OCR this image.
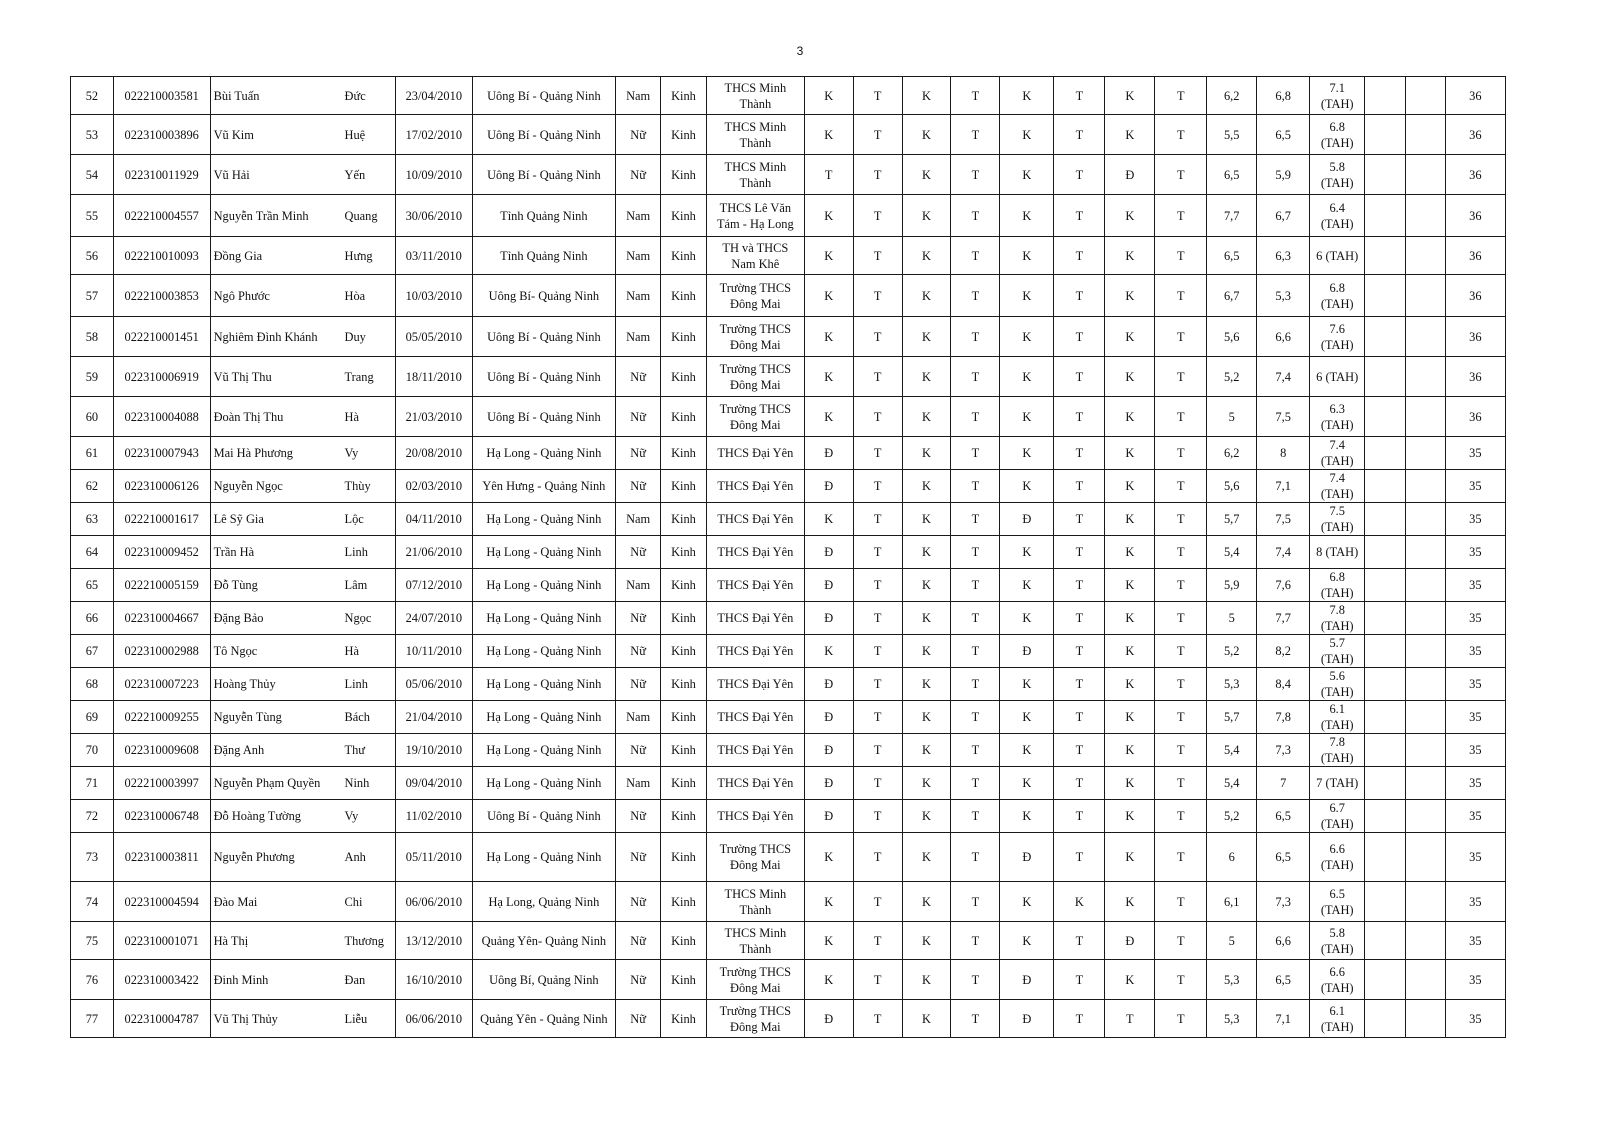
3
52	022210003581	Bùi Tuấn	Đức	23/04/2010	Uông Bí - Quảng Ninh	Nam	Kinh	THCS Minh Thành	K	T	K	T	K	T	K	T	6,2	6,8	7.1 (TAH)			36
53	022310003896	Vũ Kim	Huệ	17/02/2010	Uông Bí - Quảng Ninh	Nữ	Kinh	THCS Minh Thành	K	T	K	T	K	T	K	T	5,5	6,5	6.8 (TAH)			36
54	022310011929	Vũ Hải	Yến	10/09/2010	Uông Bí - Quảng Ninh	Nữ	Kinh	THCS Minh Thành	T	T	K	T	K	T	Đ	T	6,5	5,9	5.8 (TAH)			36
55	022210004557	Nguyễn Trần Minh	Quang	30/06/2010	Tỉnh Quảng Ninh	Nam	Kinh	THCS Lê Văn Tám - Hạ Long	K	T	K	T	K	T	K	T	7,7	6,7	6.4 (TAH)			36
56	022210010093	Đồng Gia	Hưng	03/11/2010	Tỉnh Quảng Ninh	Nam	Kinh	TH và THCS Nam Khê	K	T	K	T	K	T	K	T	6,5	6,3	6 (TAH)			36
57	022210003853	Ngô Phước	Hòa	10/03/2010	Uông Bí- Quảng Ninh	Nam	Kinh	Trường THCS Đông Mai	K	T	K	T	K	T	K	T	6,7	5,3	6.8 (TAH)			36
58	022210001451	Nghiêm Đình Khánh	Duy	05/05/2010	Uông Bí - Quảng Ninh	Nam	Kinh	Trường THCS Đông Mai	K	T	K	T	K	T	K	T	5,6	6,6	7.6 (TAH)			36
59	022310006919	Vũ Thị Thu	Trang	18/11/2010	Uông Bí - Quảng Ninh	Nữ	Kinh	Trường THCS Đông Mai	K	T	K	T	K	T	K	T	5,2	7,4	6 (TAH)			36
60	022310004088	Đoàn Thị Thu	Hà	21/03/2010	Uông Bí - Quảng Ninh	Nữ	Kinh	Trường THCS Đông Mai	K	T	K	T	K	T	K	T	5	7,5	6.3 (TAH)			36
61	022310007943	Mai Hà Phương	Vy	20/08/2010	Hạ Long - Quảng Ninh	Nữ	Kinh	THCS Đại Yên	Đ	T	K	T	K	T	K	T	6,2	8	7.4 (TAH)			35
62	022310006126	Nguyễn Ngọc	Thùy	02/03/2010	Yên Hưng - Quảng Ninh	Nữ	Kinh	THCS Đại Yên	Đ	T	K	T	K	T	K	T	5,6	7,1	7.4 (TAH)			35
63	022210001617	Lê Sỹ Gia	Lộc	04/11/2010	Hạ Long - Quảng Ninh	Nam	Kinh	THCS Đại Yên	K	T	K	T	Đ	T	K	T	5,7	7,5	7.5 (TAH)			35
64	022310009452	Trần Hà	Linh	21/06/2010	Hạ Long - Quảng Ninh	Nữ	Kinh	THCS Đại Yên	Đ	T	K	T	K	T	K	T	5,4	7,4	8 (TAH)			35
65	022210005159	Đỗ Tùng	Lâm	07/12/2010	Hạ Long - Quảng Ninh	Nam	Kinh	THCS Đại Yên	Đ	T	K	T	K	T	K	T	5,9	7,6	6.8 (TAH)			35
66	022310004667	Đặng Bảo	Ngọc	24/07/2010	Hạ Long - Quảng Ninh	Nữ	Kinh	THCS Đại Yên	Đ	T	K	T	K	T	K	T	5	7,7	7.8 (TAH)			35
67	022310002988	Tô Ngọc	Hà	10/11/2010	Hạ Long - Quảng Ninh	Nữ	Kinh	THCS Đại Yên	K	T	K	T	Đ	T	K	T	5,2	8,2	5.7 (TAH)			35
68	022310007223	Hoàng Thủy	Linh	05/06/2010	Hạ Long - Quảng Ninh	Nữ	Kinh	THCS Đại Yên	Đ	T	K	T	K	T	K	T	5,3	8,4	5.6 (TAH)			35
69	022210009255	Nguyễn Tùng	Bách	21/04/2010	Hạ Long - Quảng Ninh	Nam	Kinh	THCS Đại Yên	Đ	T	K	T	K	T	K	T	5,7	7,8	6.1 (TAH)			35
70	022310009608	Đặng Anh	Thư	19/10/2010	Hạ Long - Quảng Ninh	Nữ	Kinh	THCS Đại Yên	Đ	T	K	T	K	T	K	T	5,4	7,3	7.8 (TAH)			35
71	022210003997	Nguyễn Phạm Quyền	Ninh	09/04/2010	Hạ Long - Quảng Ninh	Nam	Kinh	THCS Đại Yên	Đ	T	K	T	K	T	K	T	5,4	7	7 (TAH)			35
72	022310006748	Đỗ Hoàng Tường	Vy	11/02/2010	Uông Bí - Quảng Ninh	Nữ	Kinh	THCS Đại Yên	Đ	T	K	T	K	T	K	T	5,2	6,5	6.7 (TAH)			35
73	022310003811	Nguyễn Phương	Anh	05/11/2010	Hạ Long - Quảng Ninh	Nữ	Kinh	Trường THCS Đông Mai	K	T	K	T	Đ	T	K	T	6	6,5	6.6 (TAH)			35
74	022310004594	Đào Mai	Chi	06/06/2010	Hạ Long, Quảng Ninh	Nữ	Kinh	THCS Minh Thành	K	T	K	T	K	K	K	T	6,1	7,3	6.5 (TAH)			35
75	022310001071	Hà Thị	Thương	13/12/2010	Quảng Yên- Quảng Ninh	Nữ	Kinh	THCS Minh Thành	K	T	K	T	K	T	Đ	T	5	6,6	5.8 (TAH)			35
76	022310003422	Đinh Minh	Đan	16/10/2010	Uông Bí, Quảng Ninh	Nữ	Kinh	Trường THCS Đông Mai	K	T	K	T	Đ	T	K	T	5,3	6,5	6.6 (TAH)			35
77	022310004787	Vũ Thị Thủy	Liễu	06/06/2010	Quảng Yên - Quảng Ninh	Nữ	Kinh	Trường THCS Đông Mai	Đ	T	K	T	Đ	T	T	T	5,3	7,1	6.1 (TAH)			35
